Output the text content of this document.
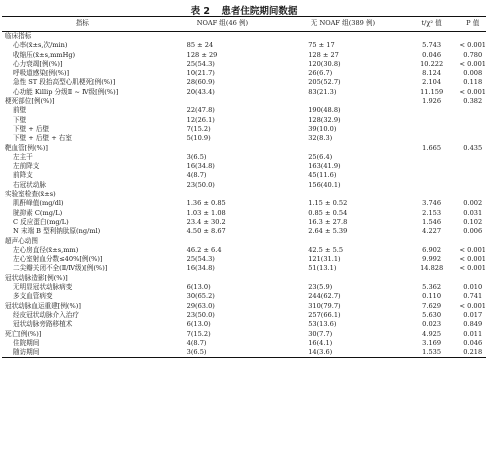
表 2 患者住院期间数据
指标	NOAF 组(46 例)	无 NOAF 组(389 例)	t/χ² 值	P 值
临床指标				
心率(x̄±s,次/min)	85 ± 24	75 ± 17	5.743	< 0.001
收缩压(x̄±s,mmHg)	128 ± 29	128 ± 27	0.046	0.780
心力衰竭[例(%)]	25(54.3)	120(30.8)	10.222	< 0.001
呼吸道感染[例(%)]	10(21.7)	26(6.7)	8.124	0.008
急性 ST 段抬高型心肌梗死[例(%)]	28(60.9)	205(52.7)	2.104	0.118
心功能 Killip 分级Ⅱ ~ Ⅳ级[例(%)]	20(43.4)	83(21.3)	11.159	< 0.001
梗死部位[例(%)]			1.926	0.382
前壁	22(47.8)	190(48.8)		
下壁	12(26.1)	128(32.9)		
下壁 + 后壁	7(15.2)	39(10.0)		
下壁 + 后壁 + 右室	5(10.9)	32(8.3)		
靶血管[例(%)]			1.665	0.435
左主干	3(6.5)	25(6.4)		
左前降支	16(34.8)	163(41.9)		
前降支	4(8.7)	45(11.6)		
右冠状动脉	23(50.0)	156(40.1)		
实验室检查(x̄±s)				
肌酐峰值(mg/dl)	1.36 ± 0.85	1.15 ± 0.52	3.746	0.002
胱抑素 C(mg/L)	1.03 ± 1.08	0.85 ± 0.54	2.153	0.031
C 反应蛋白(mg/L)	23.4 ± 30.2	16.3 ± 27.8	1.546	0.102
N 末端 B 型利钠肽原(ng/ml)	4.50 ± 8.67	2.64 ± 5.39	4.227	0.006
超声心动图				
左心房直径(x̄±s,mm)	46.2 ± 6.4	42.5 ± 5.5	6.902	< 0.001
左心室射血分数≤40%[例(%)]	25(54.3)	121(31.1)	9.992	< 0.001
二尖瓣关闭不全(Ⅱ/Ⅳ级)[例(%)]	16(34.8)	51(13.1)	14.828	< 0.001
冠状动脉造影[例(%)]				
无明显冠状动脉病变	6(13.0)	23(5.9)	5.362	0.010
多支血管病变	30(65.2)	244(62.7)	0.110	0.741
冠状动脉血运重建[例(%)]	29(63.0)	310(79.7)	7.629	< 0.001
经皮冠状动脉介入治疗	23(50.0)	257(66.1)	5.630	0.017
冠状动脉旁路移植术	6(13.0)	53(13.6)	0.023	0.849
死亡[例(%)]	7(15.2)	30(7.7)	4.925	0.011
住院期间	4(8.7)	16(4.1)	3.169	0.046
随访期间	3(6.5)	14(3.6)	1.535	0.218
